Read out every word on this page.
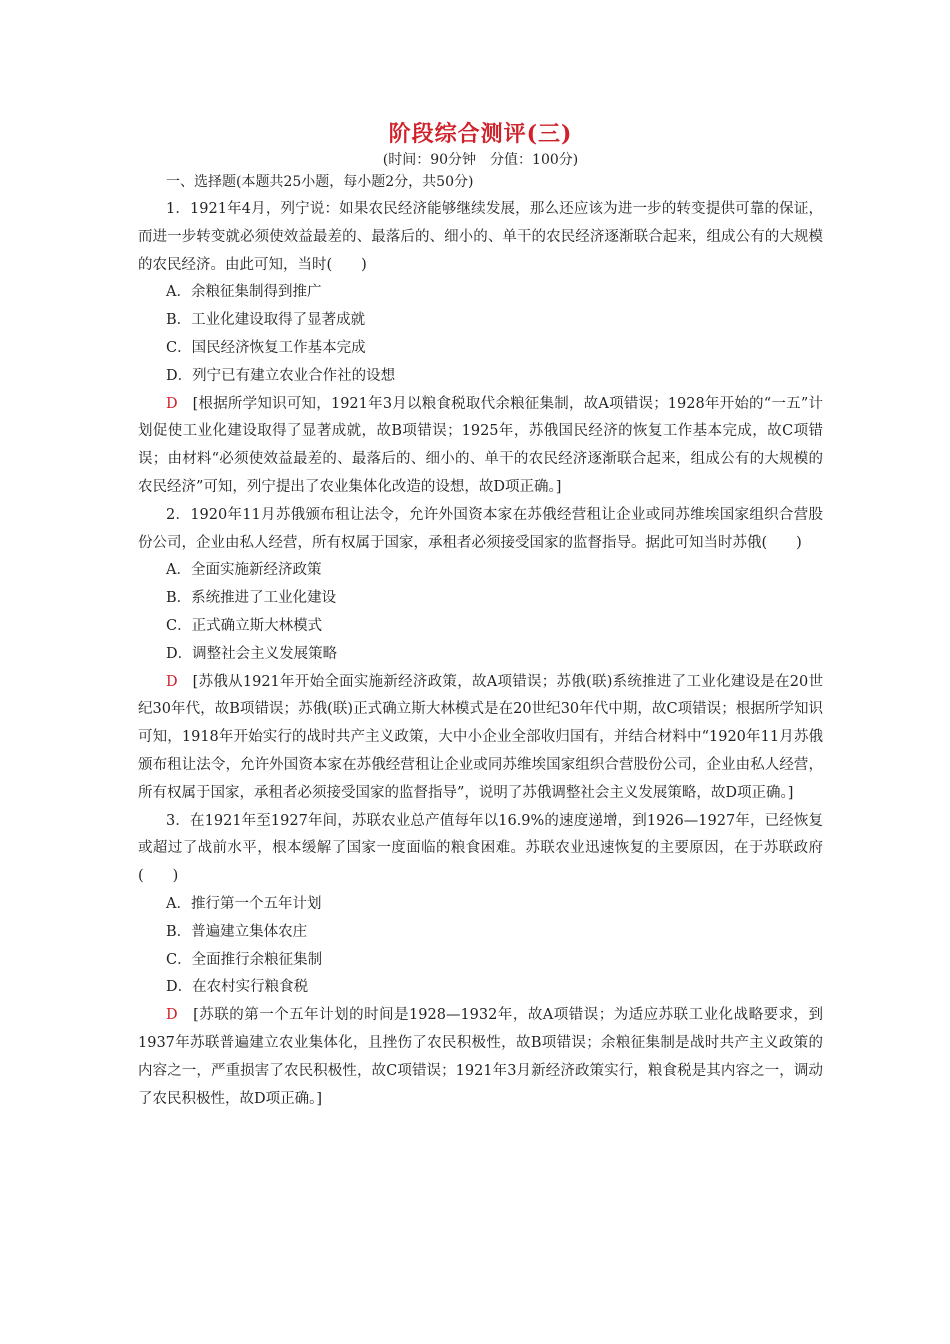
阶段综合测评(三)
(时间：90分钟　分值：100分)
一、选择题(本题共25小题，每小题2分，共50分)

1．1921年4月，列宁说：如果农民经济能够继续发展，那么还应该为进一步的转变提供可靠的保证，而进一步转变就必须使效益最差的、最落后的、细小的、单干的农民经济逐渐联合起来，组成公有的大规模的农民经济。由此可知，当时(　　)

A．余粮征集制得到推广

B．工业化建设取得了显著成就

C．国民经济恢复工作基本完成

D．列宁已有建立农业合作社的设想

D　 [根据所学知识可知，1921年3月以粮食税取代余粮征集制，故A项错误；1928年开始的“一五”计划促使工业化建设取得了显著成就，故B项错误；1925年，苏俄国民经济的恢复工作基本完成，故C项错误；由材料“必须使效益最差的、最落后的、细小的、单干的农民经济逐渐联合起来，组成公有的大规模的农民经济”可知，列宁提出了农业集体化改造的设想，故D项正确。]

2．1920年11月苏俄颁布租让法令，允许外国资本家在苏俄经营租让企业或同苏维埃国家组织合营股份公司，企业由私人经营，所有权属于国家，承租者必须接受国家的监督指导。据此可知当时苏俄(　　)

A．全面实施新经济政策

B．系统推进了工业化建设

C．正式确立斯大林模式

D．调整社会主义发展策略

D　 [苏俄从1921年开始全面实施新经济政策，故A项错误；苏俄(联)系统推进了工业化建设是在20世纪30年代，故B项错误；苏俄(联)正式确立斯大林模式是在20世纪30年代中期，故C项错误；根据所学知识可知，1918年开始实行的战时共产主义政策，大中小企业全部收归国有，并结合材料中“1920年11月苏俄颁布租让法令，允许外国资本家在苏俄经营租让企业或同苏维埃国家组织合营股份公司，企业由私人经营，所有权属于国家，承租者必须接受国家的监督指导”，说明了苏俄调整社会主义发展策略，故D项正确。]

3．在1921年至1927年间，苏联农业总产值每年以16.9%的速度递增，到1926—1927年，已经恢复或超过了战前水平，根本缓解了国家一度面临的粮食困难。苏联农业迅速恢复的主要原因，在于苏联政府(　　)

A．推行第一个五年计划

B．普遍建立集体农庄

C．全面推行余粮征集制

D．在农村实行粮食税

D　 [苏联的第一个五年计划的时间是1928—1932年，故A项错误；为适应苏联工业化战略要求，到1937年苏联普遍建立农业集体化，且挫伤了农民积极性，故B项错误；余粮征集制是战时共产主义政策的内容之一，严重损害了农民积极性，故C项错误；1921年3月新经济政策实行，粮食税是其内容之一，调动了农民积极性，故D项正确。]
